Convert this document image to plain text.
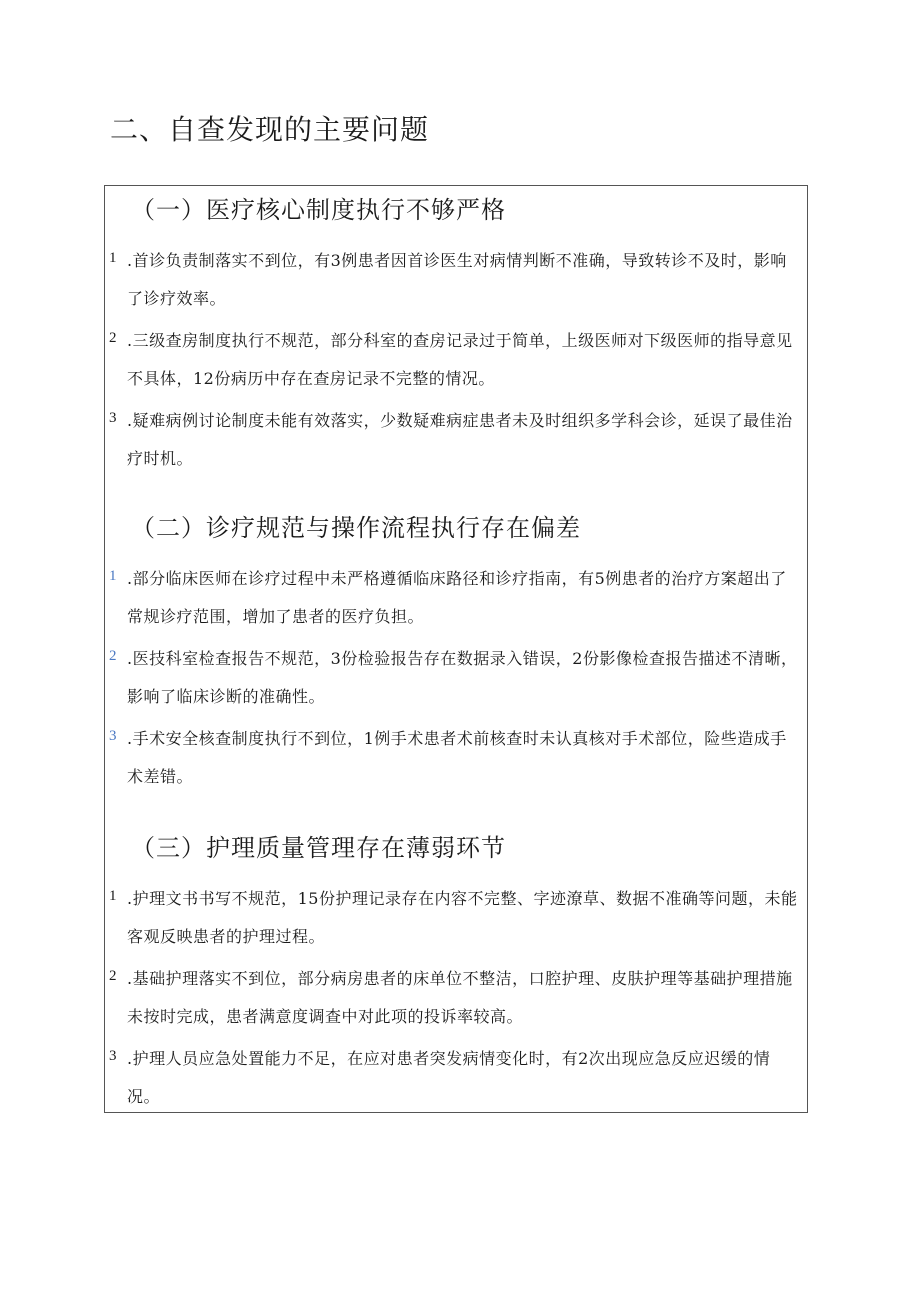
二、自查发现的主要问题
（一）医疗核心制度执行不够严格
1 .首诊负责制落实不到位，有3例患者因首诊医生对病情判断不准确，导致转诊不及时，影响了诊疗效率。

2 .三级查房制度执行不规范，部分科室的查房记录过于简单，上级医师对下级医师的指导意见不具体，12份病历中存在查房记录不完整的情况。

3 .疑难病例讨论制度未能有效落实，少数疑难病症患者未及时组织多学科会诊，延误了最佳治疗时机。

（二）诊疗规范与操作流程执行存在偏差
1 .部分临床医师在诊疗过程中未严格遵循临床路径和诊疗指南，有5例患者的治疗方案超出了常规诊疗范围，增加了患者的医疗负担。

2 .医技科室检查报告不规范，3份检验报告存在数据录入错误，2份影像检查报告描述不清晰，影响了临床诊断的准确性。

3 .手术安全核查制度执行不到位，1例手术患者术前核查时未认真核对手术部位，险些造成手术差错。

（三）护理质量管理存在薄弱环节
1 .护理文书书写不规范，15份护理记录存在内容不完整、字迹潦草、数据不准确等问题，未能客观反映患者的护理过程。

2 .基础护理落实不到位，部分病房患者的床单位不整洁，口腔护理、皮肤护理等基础护理措施未按时完成，患者满意度调查中对此项的投诉率较高。

3 .护理人员应急处置能力不足，在应对患者突发病情变化时，有2次出现应急反应迟缓的情况。
